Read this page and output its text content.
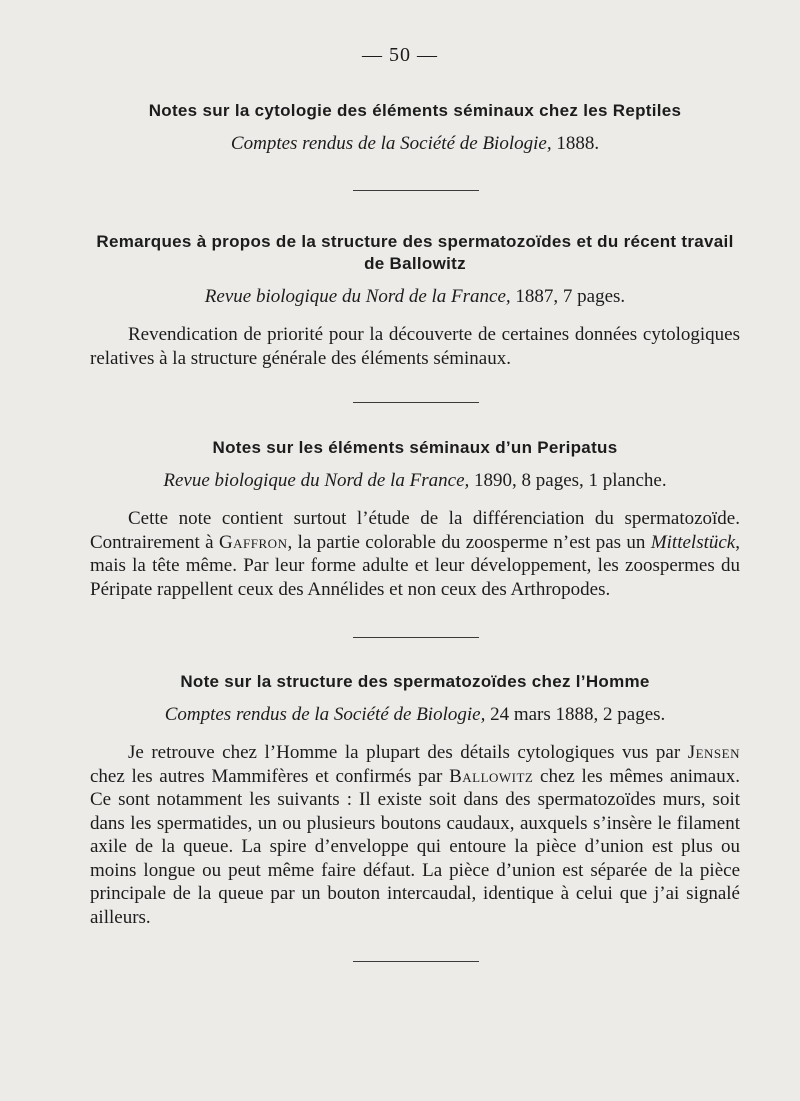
— 50 —

Notes sur la cytologie des éléments séminaux chez les Reptiles

Comptes rendus de la Société de Biologie, 1888.

Remarques à propos de la structure des spermatozoïdes et du récent travail de Ballowitz

Revue biologique du Nord de la France, 1887, 7 pages.

Revendication de priorité pour la découverte de certaines données cytologiques relatives à la structure générale des éléments séminaux.

Notes sur les éléments séminaux d’un Peripatus

Revue biologique du Nord de la France, 1890, 8 pages, 1 planche.

Cette note contient surtout l’étude de la différenciation du spermatozoïde. Contrairement à Gaffron, la partie colorable du zoosperme n’est pas un Mittelstück, mais la tête même. Par leur forme adulte et leur développement, les zoospermes du Péripate rappellent ceux des Annélides et non ceux des Arthropodes.

Note sur la structure des spermatozoïdes chez l’Homme

Comptes rendus de la Société de Biologie, 24 mars 1888, 2 pages.

Je retrouve chez l’Homme la plupart des détails cytologiques vus par Jensen chez les autres Mammifères et confirmés par Ballowitz chez les mêmes animaux. Ce sont notamment les suivants : Il existe soit dans des spermatozoïdes murs, soit dans les spermatides, un ou plusieurs boutons caudaux, auxquels s’insère le filament axile de la queue. La spire d’enveloppe qui entoure la pièce d’union est plus ou moins longue ou peut même faire défaut. La pièce d’union est séparée de la pièce principale de la queue par un bouton intercaudal, identique à celui que j’ai signalé ailleurs.
